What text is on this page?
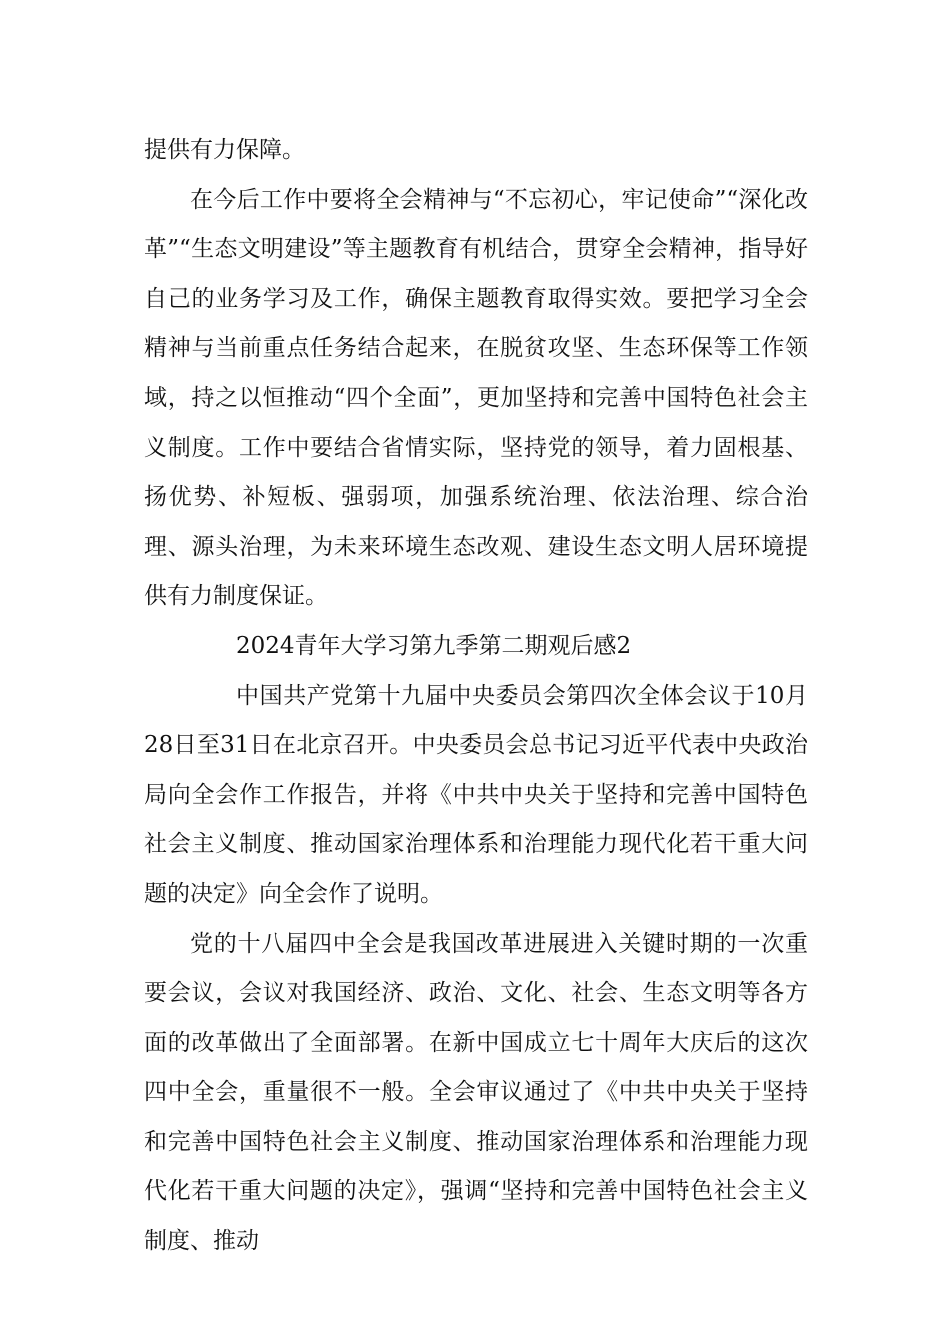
提供有力保障。

在今后工作中要将全会精神与“不忘初心，牢记使命”“深化改革”“生态文明建设”等主题教育有机结合，贯穿全会精神，指导好自己的业务学习及工作，确保主题教育取得实效。要把学习全会精神与当前重点任务结合起来，在脱贫攻坚、生态环保等工作领域，持之以恒推动“四个全面”，更加坚持和完善中国特色社会主义制度。工作中要结合省情实际，坚持党的领导，着力固根基、扬优势、补短板、强弱项，加强系统治理、依法治理、综合治理、源头治理，为未来环境生态改观、建设生态文明人居环境提供有力制度保证。

2024青年大学习第九季第二期观后感2

中国共产党第十九届中央委员会第四次全体会议于10月28日至31日在北京召开。中央委员会总书记习近平代表中央政治局向全会作工作报告，并将《中共中央关于坚持和完善中国特色社会主义制度、推动国家治理体系和治理能力现代化若干重大问题的决定》向全会作了说明。

党的十八届四中全会是我国改革进展进入关键时期的一次重要会议，会议对我国经济、政治、文化、社会、生态文明等各方面的改革做出了全面部署。在新中国成立七十周年大庆后的这次四中全会，重量很不一般。全会审议通过了《中共中央关于坚持和完善中国特色社会主义制度、推动国家治理体系和治理能力现代化若干重大问题的决定》，强调“坚持和完善中国特色社会主义制度、推动
